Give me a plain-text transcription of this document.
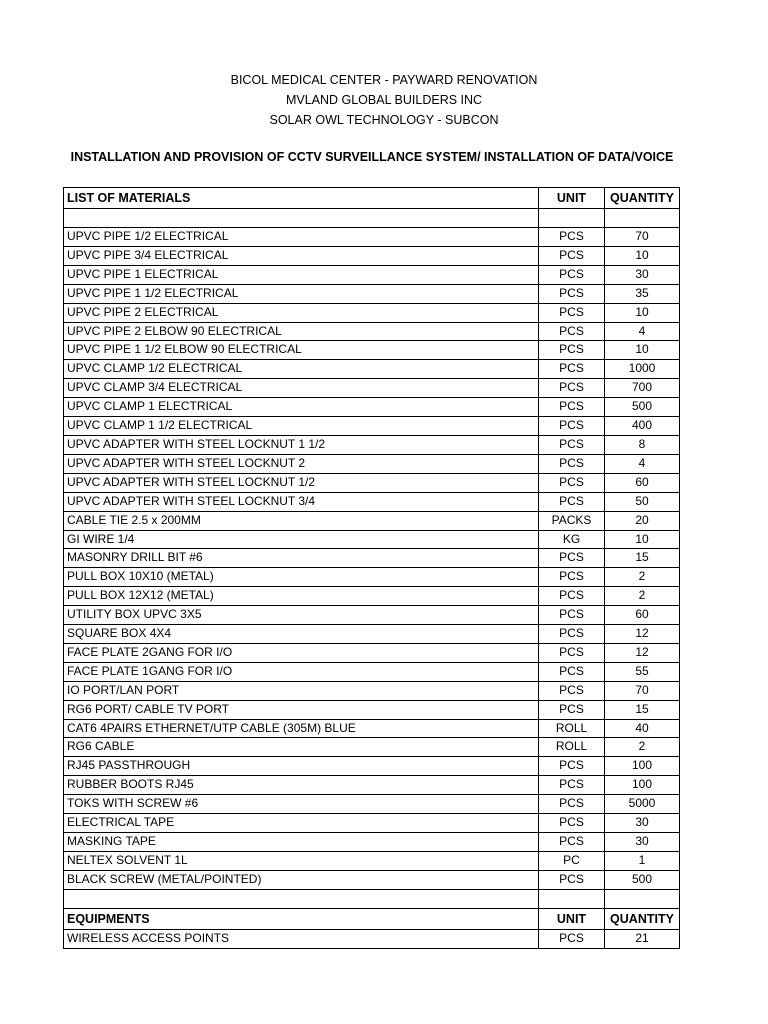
BICOL MEDICAL CENTER - PAYWARD RENOVATION
MVLAND GLOBAL BUILDERS INC
SOLAR OWL TECHNOLOGY - SUBCON
INSTALLATION AND PROVISION OF CCTV SURVEILLANCE SYSTEM/ INSTALLATION OF DATA/VOICE
LIST OF MATERIALS	UNIT	QUANTITY

UPVC PIPE 1/2 ELECTRICAL	PCS	70
UPVC PIPE 3/4 ELECTRICAL	PCS	10
UPVC PIPE 1 ELECTRICAL	PCS	30
UPVC PIPE 1 1/2 ELECTRICAL	PCS	35
UPVC PIPE 2 ELECTRICAL	PCS	10
UPVC PIPE 2 ELBOW 90 ELECTRICAL	PCS	4
UPVC PIPE 1 1/2 ELBOW 90 ELECTRICAL	PCS	10
UPVC CLAMP 1/2 ELECTRICAL	PCS	1000
UPVC CLAMP 3/4 ELECTRICAL	PCS	700
UPVC CLAMP 1 ELECTRICAL	PCS	500
UPVC CLAMP 1 1/2 ELECTRICAL	PCS	400
UPVC ADAPTER WITH STEEL LOCKNUT 1 1/2	PCS	8
UPVC ADAPTER WITH STEEL LOCKNUT 2	PCS	4
UPVC ADAPTER WITH STEEL LOCKNUT 1/2	PCS	60
UPVC ADAPTER WITH STEEL LOCKNUT 3/4	PCS	50
CABLE TIE 2.5 x 200MM	PACKS	20
GI WIRE 1/4	KG	10
MASONRY DRILL BIT #6	PCS	15
PULL BOX 10X10 (METAL)	PCS	2
PULL BOX 12X12 (METAL)	PCS	2
UTILITY BOX UPVC 3X5	PCS	60
SQUARE BOX 4X4	PCS	12
FACE PLATE 2GANG FOR I/O	PCS	12
FACE PLATE 1GANG FOR I/O	PCS	55
IO PORT/LAN PORT	PCS	70
RG6 PORT/ CABLE TV PORT	PCS	15
CAT6 4PAIRS ETHERNET/UTP CABLE (305M) BLUE	ROLL	40
RG6 CABLE	ROLL	2
RJ45 PASSTHROUGH	PCS	100
RUBBER BOOTS RJ45	PCS	100
TOKS WITH SCREW #6	PCS	5000
ELECTRICAL TAPE	PCS	30
MASKING TAPE	PCS	30
NELTEX SOLVENT 1L	PC	1
BLACK SCREW (METAL/POINTED)	PCS	500

EQUIPMENTS	UNIT	QUANTITY
WIRELESS ACCESS POINTS	PCS	21
